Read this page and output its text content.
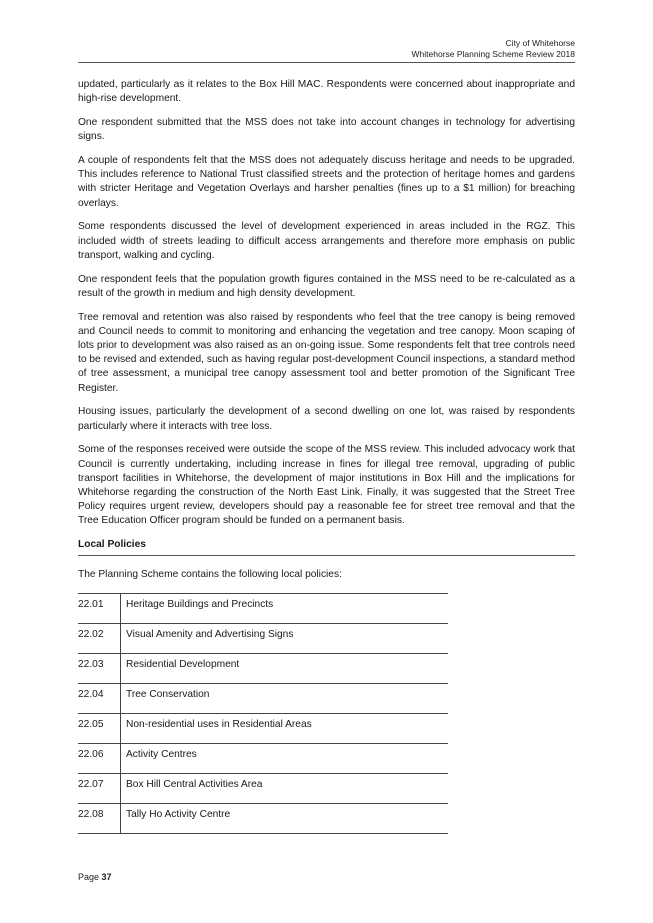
City of Whitehorse
Whitehorse Planning Scheme Review 2018

updated, particularly as it relates to the Box Hill MAC. Respondents were concerned about inappropriate and high-rise development.

One respondent submitted that the MSS does not take into account changes in technology for advertising signs.

A couple of respondents felt that the MSS does not adequately discuss heritage and needs to be upgraded. This includes reference to National Trust classified streets and the protection of heritage homes and gardens with stricter Heritage and Vegetation Overlays and harsher penalties (fines up to a $1 million) for breaching overlays.

Some respondents discussed the level of development experienced in areas included in the RGZ. This included width of streets leading to difficult access arrangements and therefore more emphasis on public transport, walking and cycling.

One respondent feels that the population growth figures contained in the MSS need to be re-calculated as a result of the growth in medium and high density development.

Tree removal and retention was also raised by respondents who feel that the tree canopy is being removed and Council needs to commit to monitoring and enhancing the vegetation and tree canopy. Moon scaping of lots prior to development was also raised as an on-going issue. Some respondents felt that tree controls need to be revised and extended, such as having regular post-development Council inspections, a standard method of tree assessment, a municipal tree canopy assessment tool and better promotion of the Significant Tree Register.

Housing issues, particularly the development of a second dwelling on one lot, was raised by respondents particularly where it interacts with tree loss.

Some of the responses received were outside the scope of the MSS review. This included advocacy work that Council is currently undertaking, including increase in fines for illegal tree removal, upgrading of public transport facilities in Whitehorse, the development of major institutions in Box Hill and the implications for Whitehorse regarding the construction of the North East Link. Finally, it was suggested that the Street Tree Policy requires urgent review, developers should pay a reasonable fee for street tree removal and that the Tree Education Officer program should be funded on a permanent basis.

Local Policies

The Planning Scheme contains the following local policies:

22.01	Heritage Buildings and Precincts
22.02	Visual Amenity and Advertising Signs
22.03	Residential Development
22.04	Tree Conservation
22.05	Non-residential uses in Residential Areas
22.06	Activity Centres
22.07	Box Hill Central Activities Area
22.08	Tally Ho Activity Centre
Page 37
